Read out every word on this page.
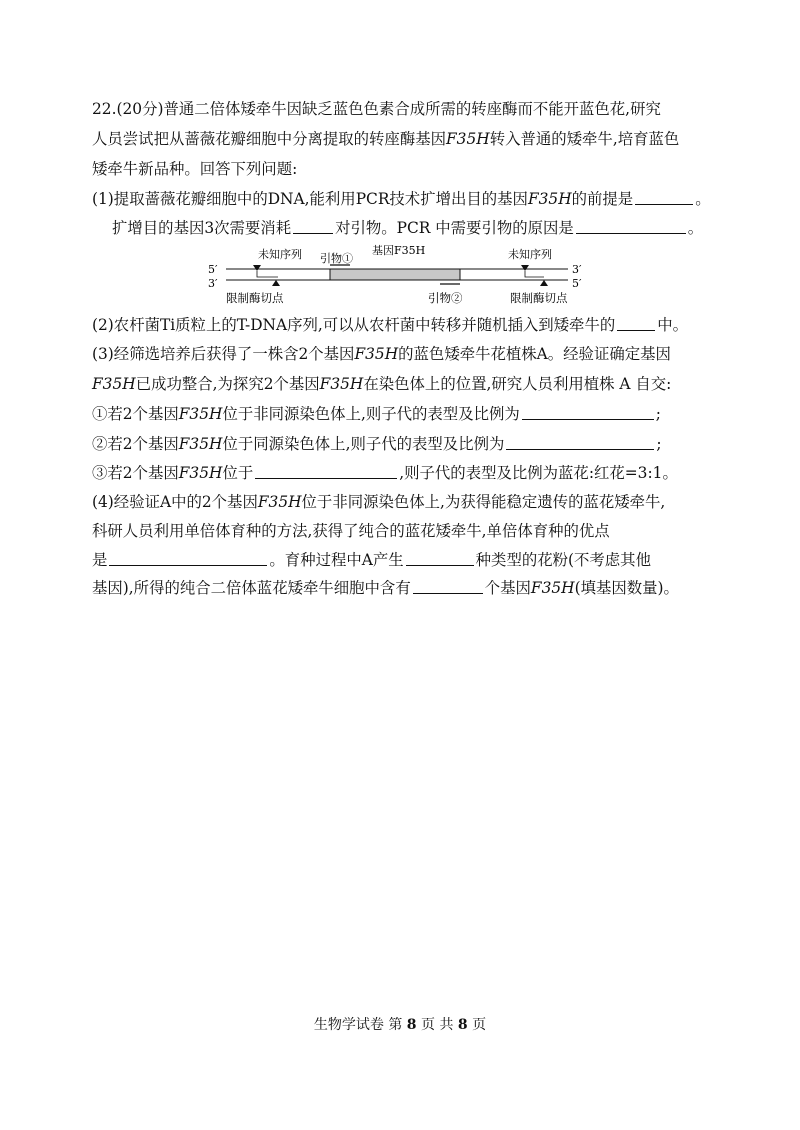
22.(20分)普通二倍体矮牵牛因缺乏蓝色色素合成所需的转座酶而不能开蓝色花,研究
人员尝试把从蔷薇花瓣细胞中分离提取的转座酶基因F35H转入普通的矮牵牛,培育蓝色
矮牵牛新品种。回答下列问题:
(1)提取蔷薇花瓣细胞中的DNA,能利用PCR技术扩增出目的基因F35H的前提是	。
扩增目的基因3次需要消耗	对引物。PCR 中需要引物的原因是	。
未知序列 引物①
基因F35H	未知序列
5′
3′
3′
5′
限制酶切点	引物②	限制酶切点
(2)农杆菌Ti质粒上的T-DNA序列,可以从农杆菌中转移并随机插入到矮牵牛的	中。
(3)经筛选培养后获得了一株含2个基因F35H的蓝色矮牵牛花植株A。经验证确定基因
F35H已成功整合,为探究2个基因F35H在染色体上的位置,研究人员利用植株 A 自交:
①若2个基因F35H位于非同源染色体上,则子代的表型及比例为	;
②若2个基因F35H位于同源染色体上,则子代的表型及比例为	;
③若2个基因F35H位于	,则子代的表型及比例为蓝花:红花=3:1。
(4)经验证A中的2个基因F35H位于非同源染色体上,为获得能稳定遗传的蓝花矮牵牛,
科研人员利用单倍体育种的方法,获得了纯合的蓝花矮牵牛,单倍体育种的优点
是	。育种过程中A产生	种类型的花粉(不考虑其他
基因),所得的纯合二倍体蓝花矮牵牛细胞中含有	个基因F35H(填基因数量)。
生物学试卷 第 8 页 共 8 页
